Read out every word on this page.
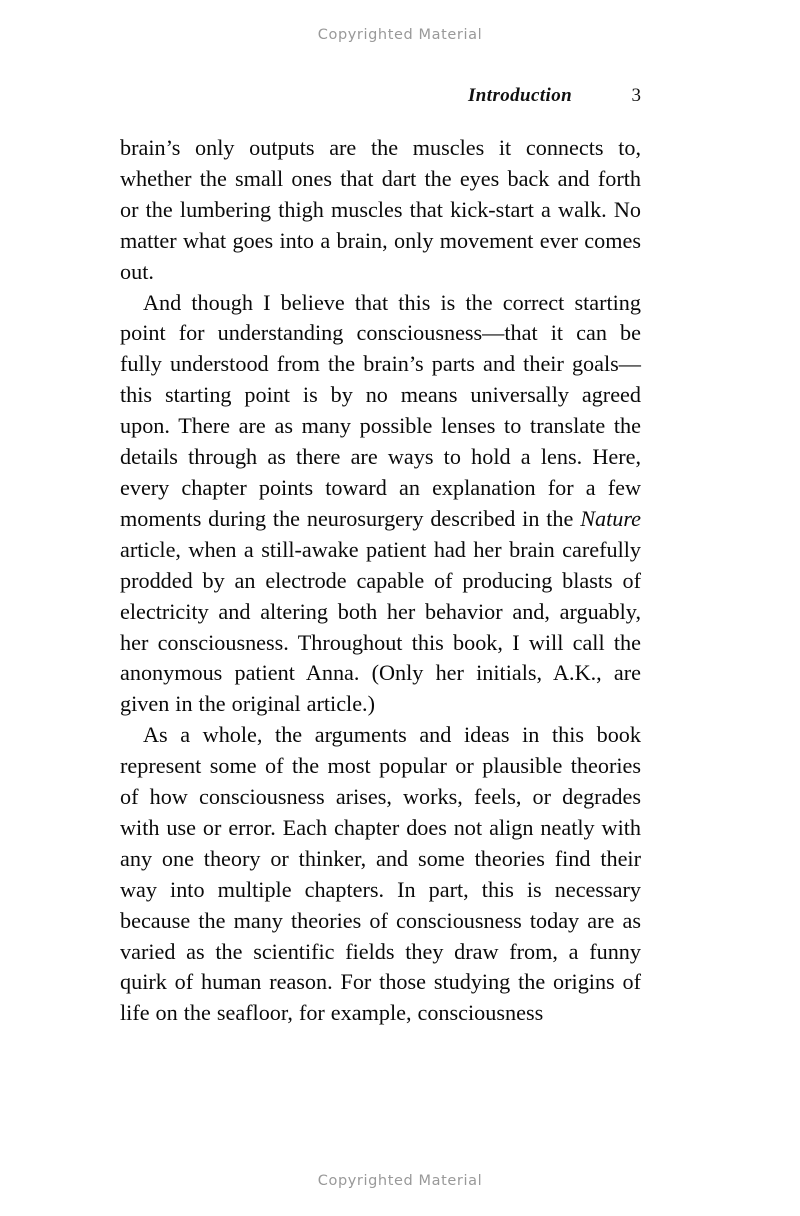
Copyrighted Material
Introduction	3

brain’s only outputs are the muscles it connects to, whether the small ones that dart the eyes back and forth or the lumbering thigh muscles that kick-start a walk. No matter what goes into a brain, only movement ever comes out.

And though I believe that this is the correct starting point for understanding consciousness—that it can be fully understood from the brain’s parts and their goals—this starting point is by no means universally agreed upon. There are as many possible lenses to translate the details through as there are ways to hold a lens. Here, every chapter points toward an explanation for a few moments during the neurosurgery described in the Nature article, when a still-awake patient had her brain carefully prodded by an electrode capable of producing blasts of electricity and altering both her behavior and, arguably, her consciousness. Throughout this book, I will call the anonymous patient Anna. (Only her initials, A.K., are given in the original article.)

As a whole, the arguments and ideas in this book represent some of the most popular or plausible theories of how consciousness arises, works, feels, or degrades with use or error. Each chapter does not align neatly with any one theory or thinker, and some theories find their way into multiple chapters. In part, this is necessary because the many theories of consciousness today are as varied as the scientific fields they draw from, a funny quirk of human reason. For those studying the origins of life on the seafloor, for example, consciousness

Copyrighted Material
